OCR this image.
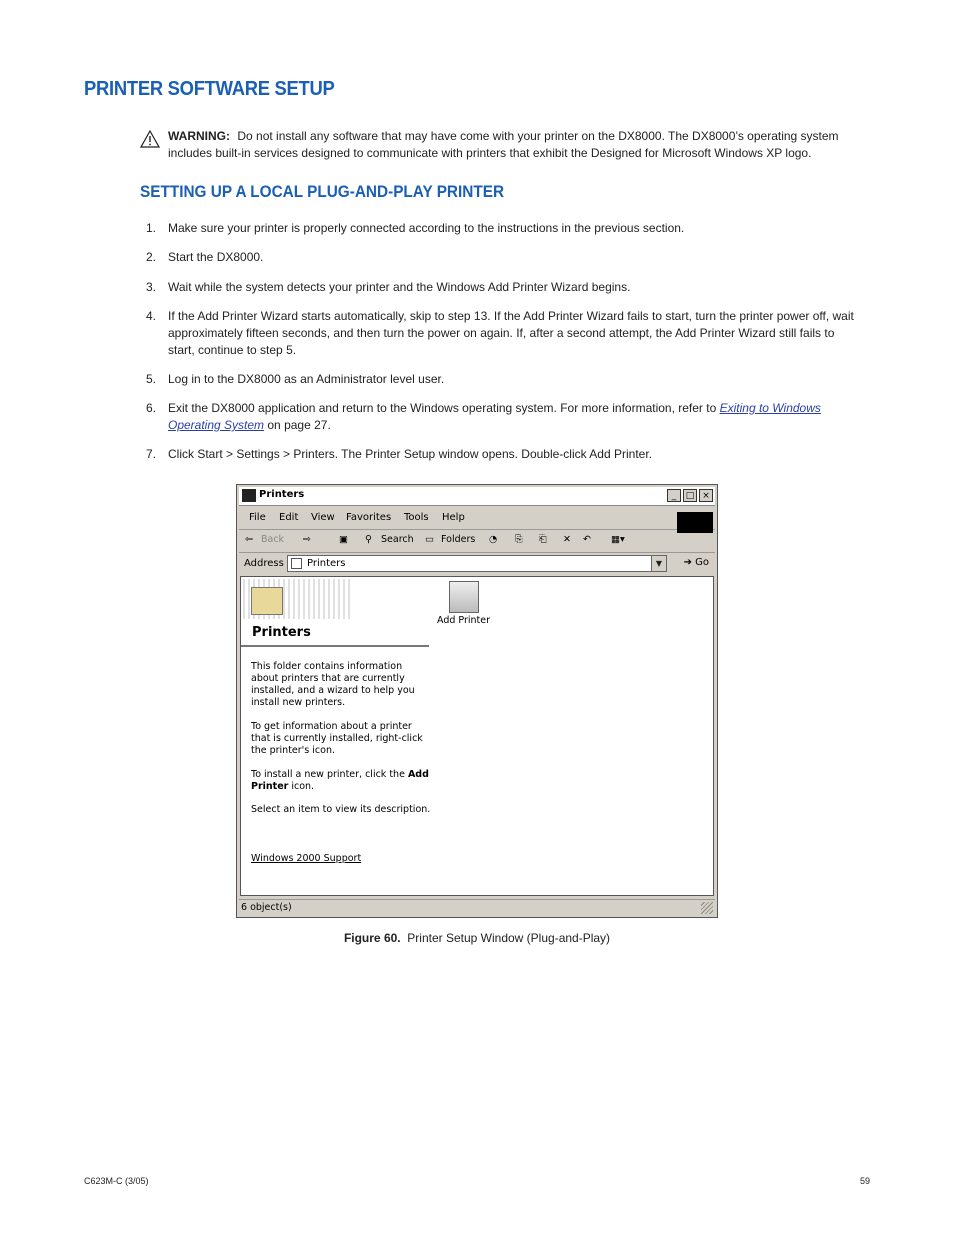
PRINTER SOFTWARE SETUP
WARNING: Do not install any software that may have come with your printer on the DX8000. The DX8000’s operating system includes built-in services designed to communicate with printers that exhibit the Designed for Microsoft Windows XP logo.
SETTING UP A LOCAL PLUG-AND-PLAY PRINTER
1. Make sure your printer is properly connected according to the instructions in the previous section.
2. Start the DX8000.
3. Wait while the system detects your printer and the Windows Add Printer Wizard begins.
4. If the Add Printer Wizard starts automatically, skip to step 13. If the Add Printer Wizard fails to start, turn the printer power off, wait approximately fifteen seconds, and then turn the power on again. If, after a second attempt, the Add Printer Wizard still fails to start, continue to step 5.
5. Log in to the DX8000 as an Administrator level user.
6. Exit the DX8000 application and return to the Windows operating system. For more information, refer to Exiting to Windows Operating System on page 27.
7. Click Start > Settings > Printers. The Printer Setup window opens. Double-click Add Printer.
Printers	_	□ ×
File Edit View Favorites Tools Help
⇦ Back ⇨	▣ ⚲ Search ▭ Folders ◔ ⎘ ⎗ ✕ ↶ ▦▾
Address Printers	▼	➔ Go
Printers
This folder contains information about printers that are currently installed, and a wizard to help you install new printers.
To get information about a printer that is currently installed, right-click the printer's icon.
To install a new printer, click the Add Printer icon.
Select an item to view its description.
Windows 2000 Support
Add Printer
6 object(s)
Figure 60. Printer Setup Window (Plug-and-Play)
C623M-C (3/05)	59
